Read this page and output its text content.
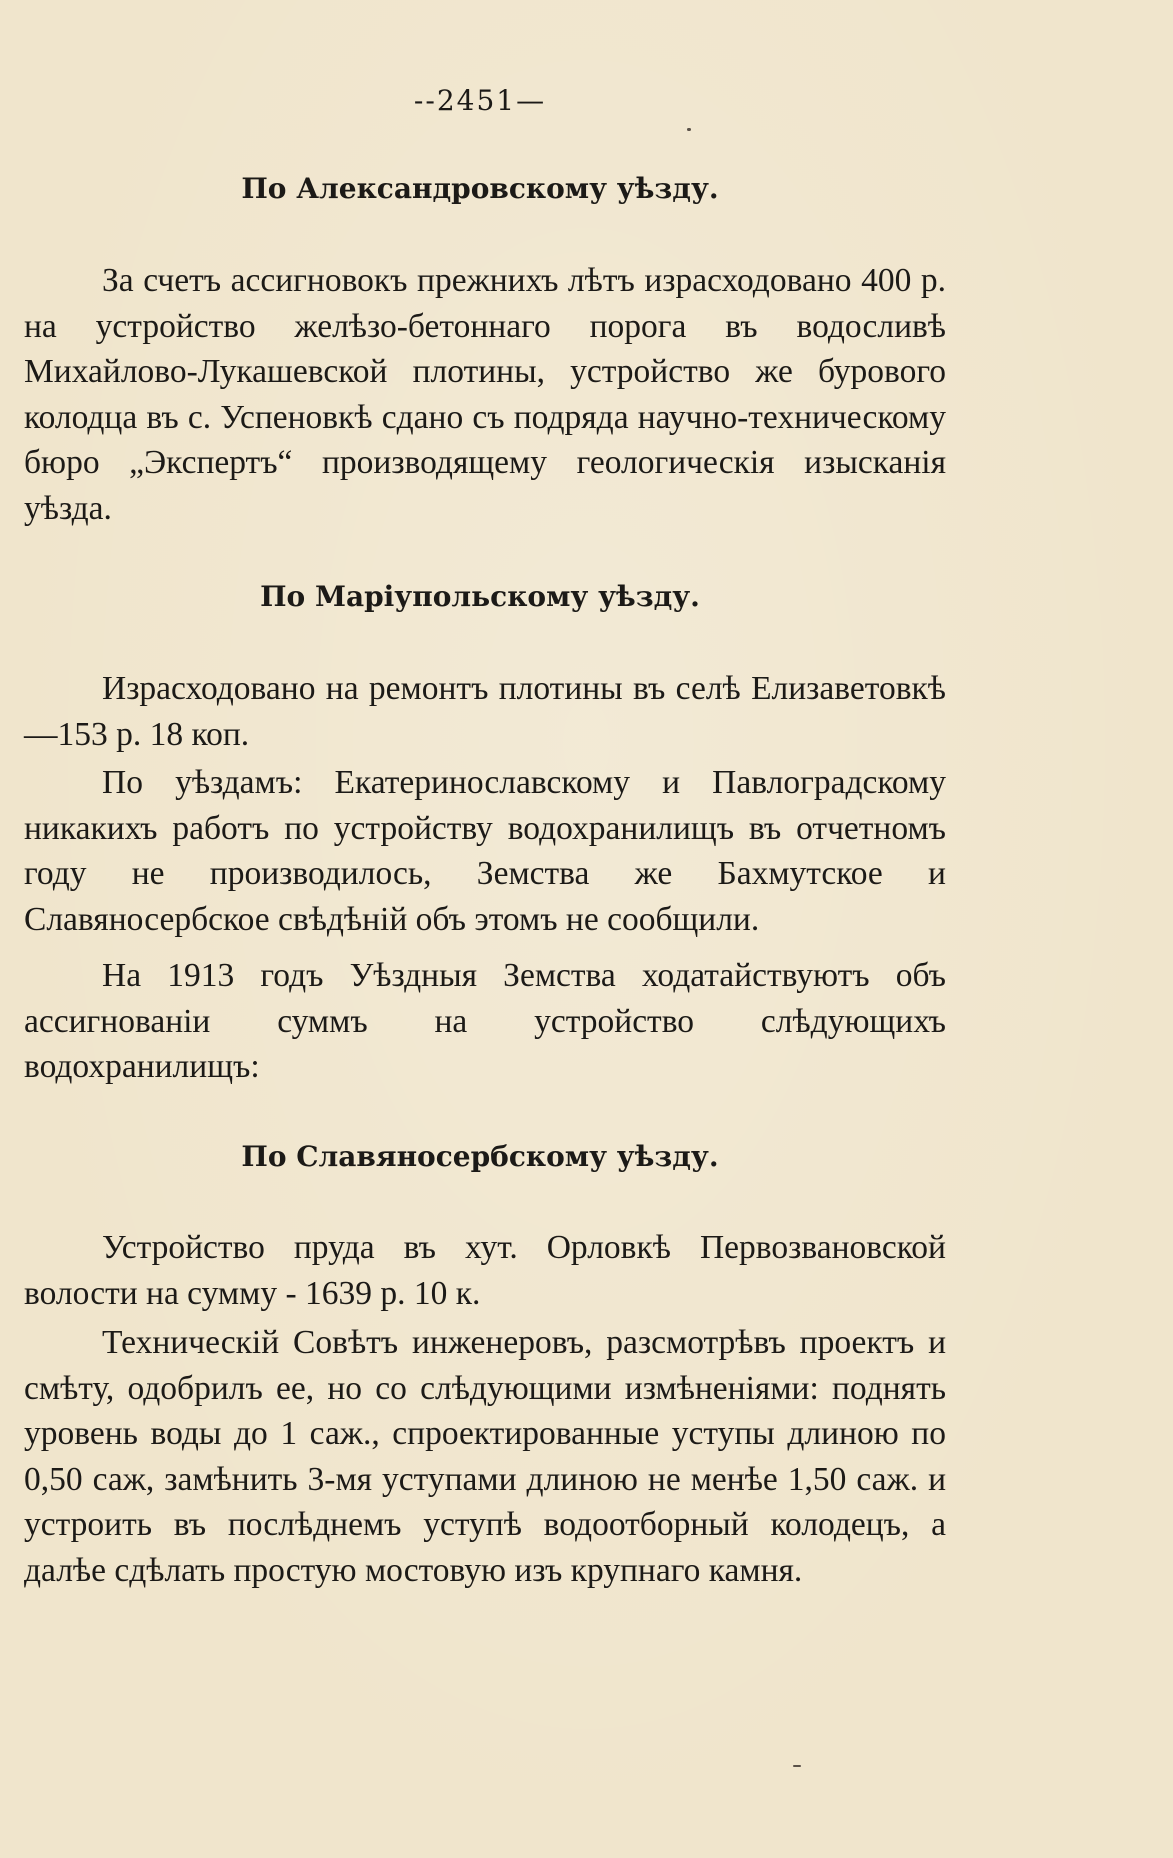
--2451—
По Александровскому уѣзду.

За счетъ ассигновокъ прежнихъ лѣтъ израсходовано 400 р. на устройство желѣзо-бетоннаго порога въ водосливѣ Михайлово-Лукашевской плотины, устройство же бурового колодца въ с. Успеновкѣ сдано съ подряда научно-техническому бюро „Экспертъ“ производящему геологическія изысканія уѣзда.

По Маріупольскому уѣзду.

Израсходовано на ремонтъ плотины въ селѣ Елизаветовкѣ—153 р. 18 коп.

По уѣздамъ: Екатеринославскому и Павлоградскому никакихъ работъ по устройству водохранилищъ въ отчетномъ году не производилось, Земства же Бахмутское и Славяносербское свѣдѣній объ этомъ не сообщили.

На 1913 годъ Уѣздныя Земства ходатайствуютъ объ ассигнованіи суммъ на устройство слѣдующихъ водохранилищъ:

По Славяносербскому уѣзду.

Устройство пруда въ хут. Орловкѣ Первозвановской волости на сумму - 1639 р. 10 к.

Техническій Совѣтъ инженеровъ, разсмотрѣвъ проектъ и смѣту, одобрилъ ее, но со слѣдующими измѣненіями: поднять уровень воды до 1 саж., спроектированные уступы длиною по 0,50 саж, замѣнить 3-мя уступами длиною не менѣе 1,50 саж. и устроить въ послѣднемъ уступѣ водоотборный колодецъ, а далѣе сдѣлать простую мостовую изъ крупнаго камня.
